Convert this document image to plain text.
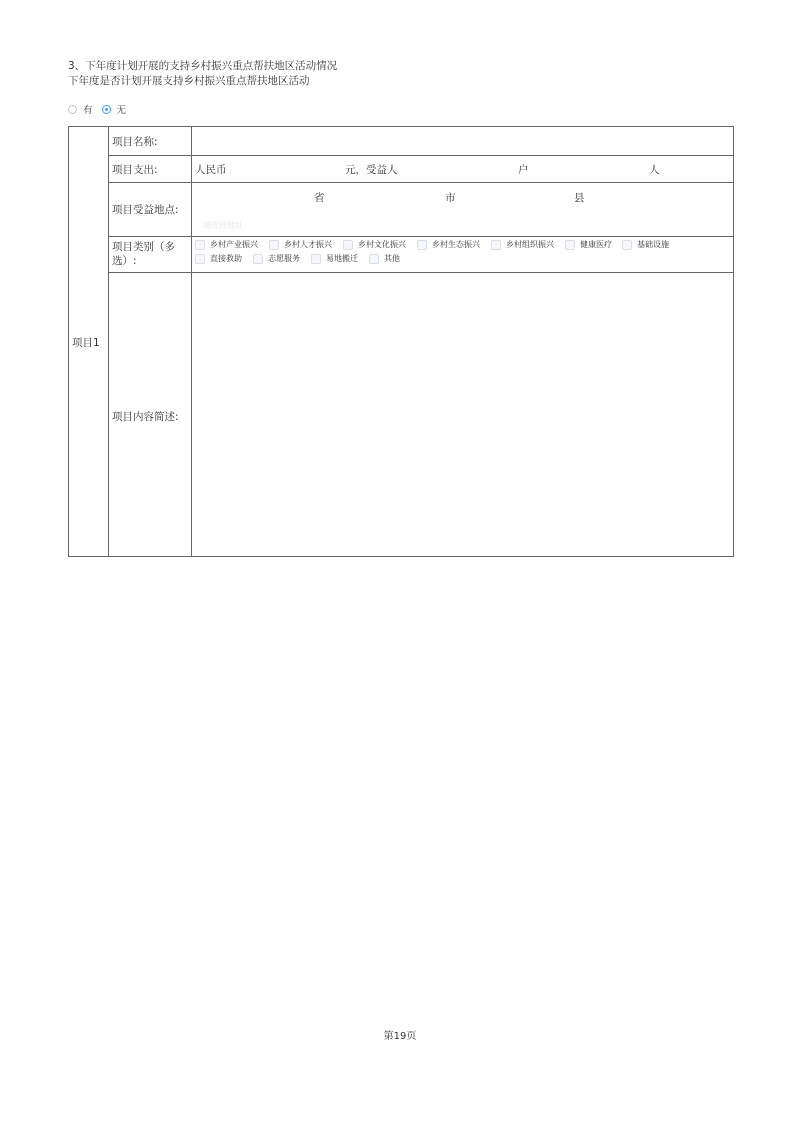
3、下年度计划开展的支持乡村振兴重点帮扶地区活动情况
下年度是否计划开展支持乡村振兴重点帮扶地区活动
有	无
项目1
项目名称:
项目支出:	人民币	元，受益人	户	人
项目受益地点:
省	市	县
请选择地址
项目类别（多
选）:
乡村产业振兴	乡村人才振兴	乡村文化振兴	乡村生态振兴	乡村组织振兴	健康医疗	基础设施
直接救助	志愿服务	易地搬迁	其他
项目内容简述:
第19页
